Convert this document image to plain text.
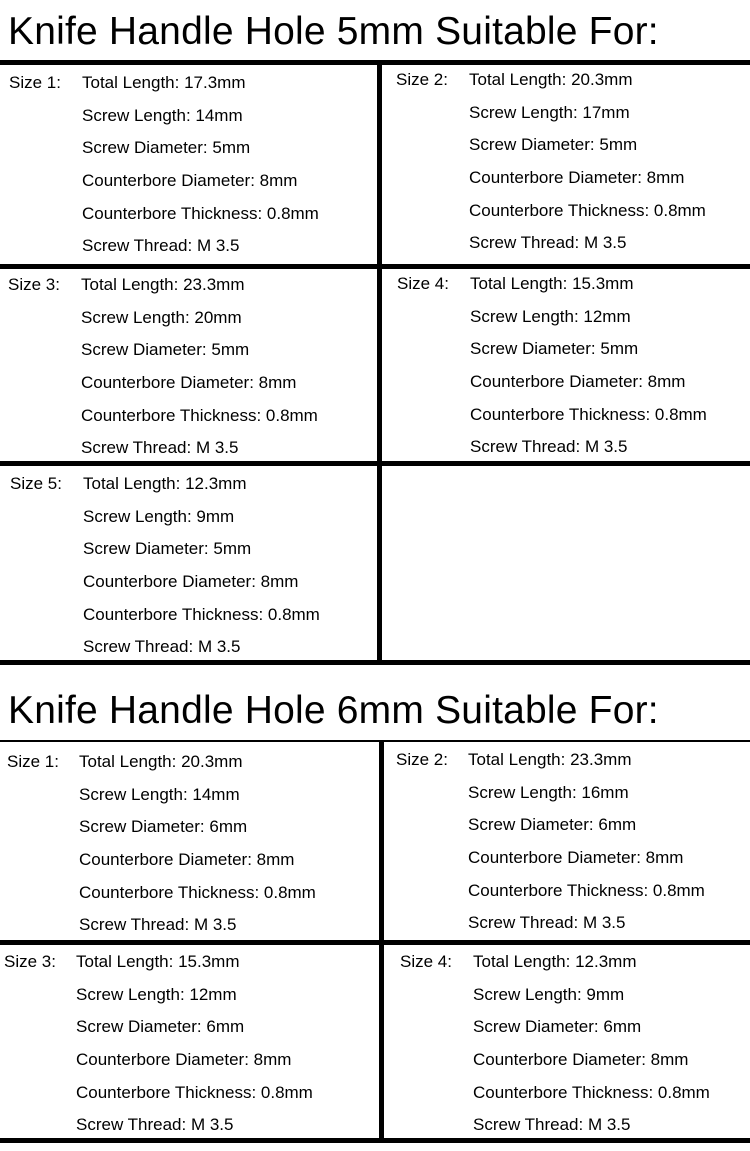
Knife Handle Hole 5mm Suitable For:
Size 1: Total Length: 17.3mm
Screw Length: 14mm
Screw Diameter: 5mm
Counterbore Diameter: 8mm
Counterbore Thickness: 0.8mm
Screw Thread: M 3.5
Size 2: Total Length: 20.3mm
Screw Length: 17mm
Screw Diameter: 5mm
Counterbore Diameter: 8mm
Counterbore Thickness: 0.8mm
Screw Thread: M 3.5
Size 3: Total Length: 23.3mm
Screw Length: 20mm
Screw Diameter: 5mm
Counterbore Diameter: 8mm
Counterbore Thickness: 0.8mm
Screw Thread: M 3.5
Size 4: Total Length: 15.3mm
Screw Length: 12mm
Screw Diameter: 5mm
Counterbore Diameter: 8mm
Counterbore Thickness: 0.8mm
Screw Thread: M 3.5
Size 5: Total Length: 12.3mm
Screw Length: 9mm
Screw Diameter: 5mm
Counterbore Diameter: 8mm
Counterbore Thickness: 0.8mm
Screw Thread: M 3.5
Knife Handle Hole 6mm Suitable For:
Size 1: Total Length: 20.3mm
Screw Length: 14mm
Screw Diameter: 6mm
Counterbore Diameter: 8mm
Counterbore Thickness: 0.8mm
Screw Thread: M 3.5
Size 2: Total Length: 23.3mm
Screw Length: 16mm
Screw Diameter: 6mm
Counterbore Diameter: 8mm
Counterbore Thickness: 0.8mm
Screw Thread: M 3.5
Size 3: Total Length: 15.3mm
Screw Length: 12mm
Screw Diameter: 6mm
Counterbore Diameter: 8mm
Counterbore Thickness: 0.8mm
Screw Thread: M 3.5
Size 4: Total Length: 12.3mm
Screw Length: 9mm
Screw Diameter: 6mm
Counterbore Diameter: 8mm
Counterbore Thickness: 0.8mm
Screw Thread: M 3.5
